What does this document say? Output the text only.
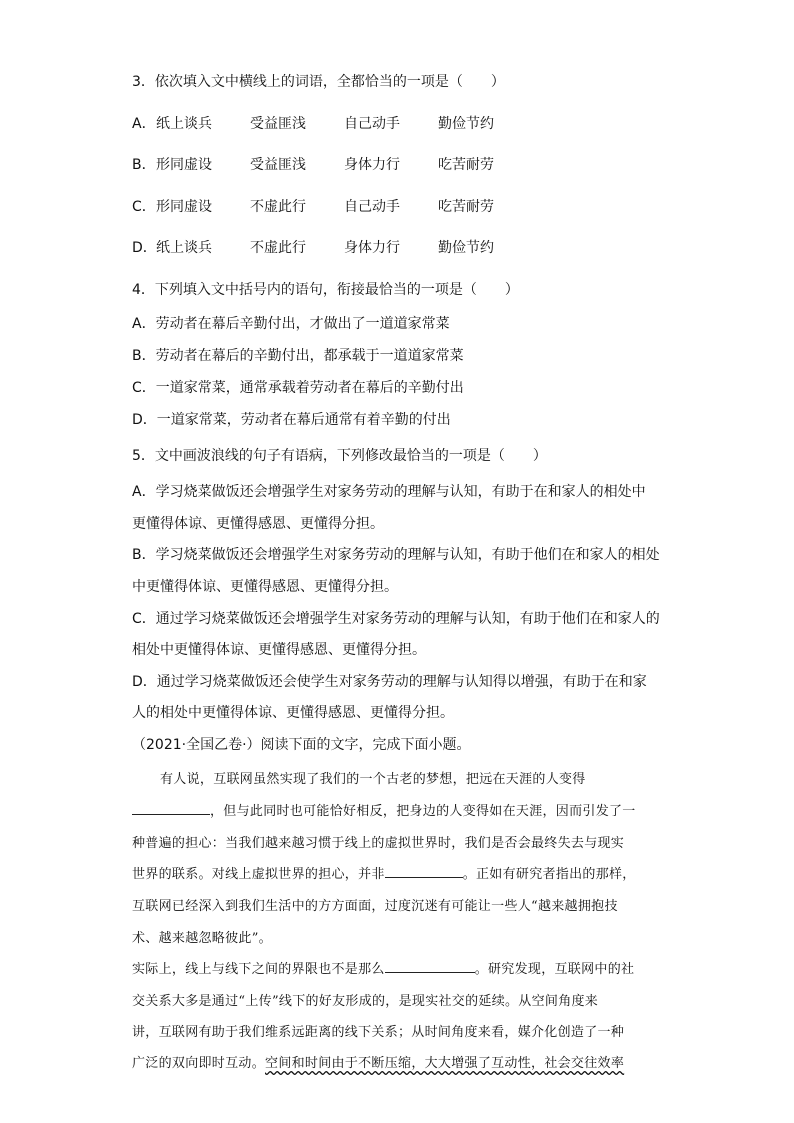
3．依次填入文中横线上的词语，全都恰当的一项是（　　）
A． 纸上谈兵	受益匪浅	自己动手	勤俭节约
B． 形同虚设	受益匪浅	身体力行	吃苦耐劳
C． 形同虚设	不虚此行	自己动手	吃苦耐劳
D． 纸上谈兵	不虚此行	身体力行	勤俭节约
4．下列填入文中括号内的语句，衔接最恰当的一项是（　　）
A．劳动者在幕后辛勤付出，才做出了一道道家常菜
B．劳动者在幕后的辛勤付出，都承载于一道道家常菜
C．一道家常菜，通常承载着劳动者在幕后的辛勤付出
D．一道家常菜，劳动者在幕后通常有着辛勤的付出
5．文中画波浪线的句子有语病，下列修改最恰当的一项是（　　）
A．学习烧菜做饭还会增强学生对家务劳动的理解与认知，有助于在和家人的相处中
更懂得体谅、更懂得感恩、更懂得分担。
B．学习烧菜做饭还会增强学生对家务劳动的理解与认知，有助于他们在和家人的相处
中更懂得体谅、更懂得感恩、更懂得分担。
C．通过学习烧菜做饭还会增强学生对家务劳动的理解与认知，有助于他们在和家人的
相处中更懂得体谅、更懂得感恩、更懂得分担。
D．通过学习烧菜做饭还会使学生对家务劳动的理解与认知得以增强，有助于在和家
人的相处中更懂得体谅、更懂得感恩、更懂得分担。
（2021·全国乙卷·）阅读下面的文字，完成下面小题。
有人说，互联网虽然实现了我们的一个古老的梦想，把远在天涯的人变得
，但与此同时也可能恰好相反，把身边的人变得如在天涯，因而引发了一
种普遍的担心：当我们越来越习惯于线上的虚拟世界时，我们是否会最终失去与现实
世界的联系。对线上虚拟世界的担心，并非	。正如有研究者指出的那样，
互联网已经深入到我们生活中的方方面面，过度沉迷有可能让一些人“越来越拥抱技
术、越来越忽略彼此”。
实际上，线上与线下之间的界限也不是那么	。研究发现，互联网中的社
交关系大多是通过“上传”线下的好友形成的，是现实社交的延续。从空间角度来
讲，互联网有助于我们维系远距离的线下关系；从时间角度来看，媒介化创造了一种
广泛的双向即时互动。空间和时间由于不断压缩，大大增强了互动性，社会交往效率
